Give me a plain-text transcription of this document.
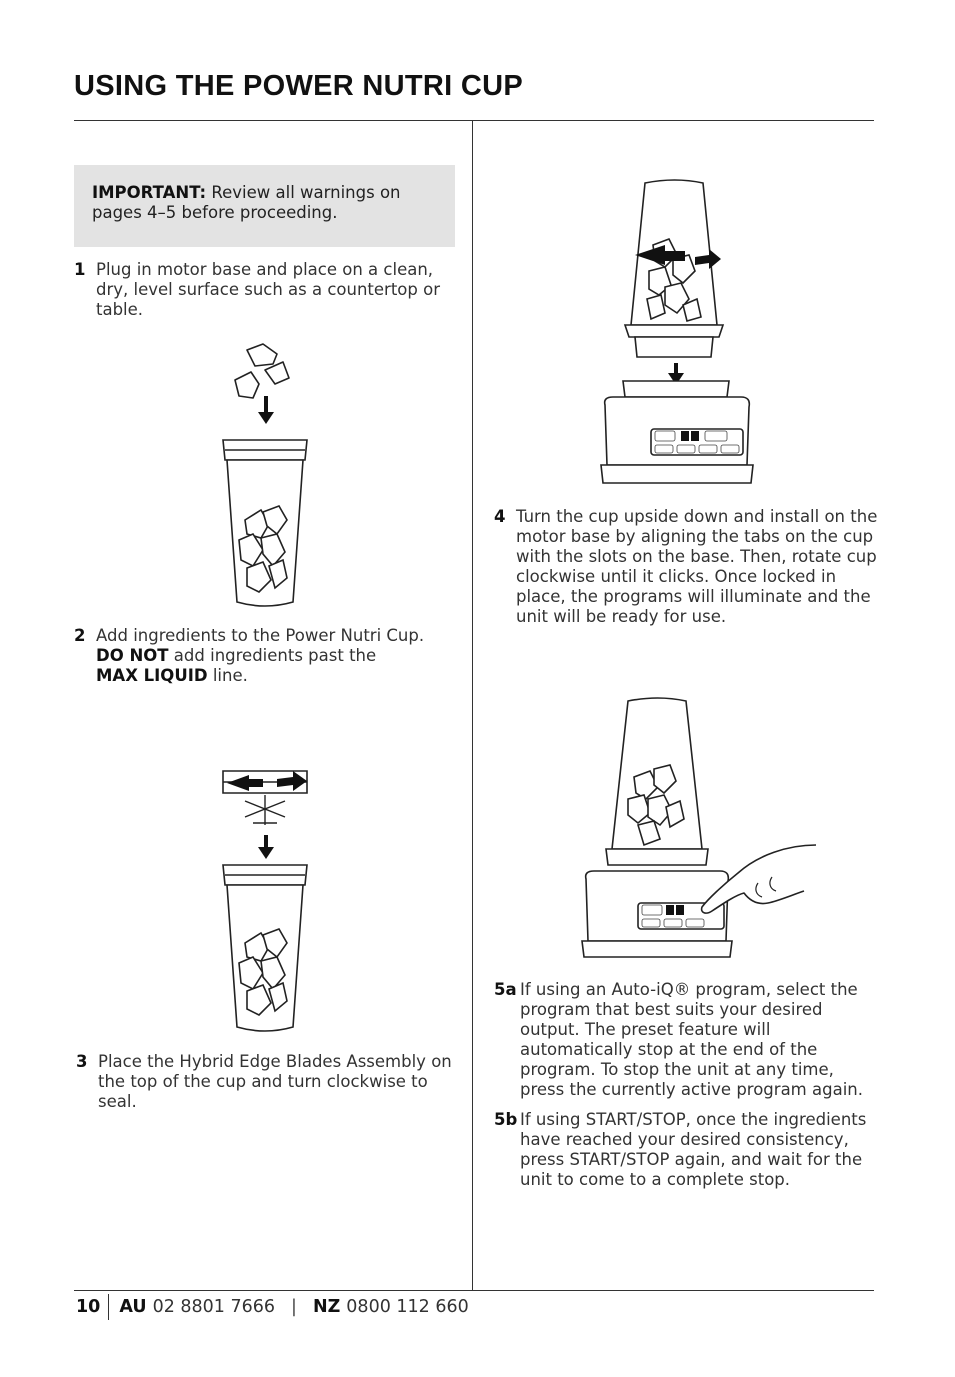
USING THE POWER NUTRI CUP
IMPORTANT: Review all warnings on pages 4–5 before proceeding.
1 Plug in motor base and place on a clean, dry, level surface such as a countertop or table.
2 Add ingredients to the Power Nutri Cup.
DO NOT add ingredients past the
MAX LIQUID line.
3 Place the Hybrid Edge Blades Assembly on the top of the cup and turn clockwise to seal.
4 Turn the cup upside down and install on the motor base by aligning the tabs on the cup with the slots on the base. Then, rotate cup clockwise until it clicks. Once locked in place, the programs will illuminate and the unit will be ready for use.
5a If using an Auto-iQ® program, select the program that best suits your desired output. The preset feature will automatically stop at the end of the program. To stop the unit at any time, press the currently active program again.
5b If using START/STOP, once the ingredients have reached your desired consistency, press START/STOP again, and wait for the unit to come to a complete stop.
10 AU 02 8801 7666 | NZ 0800 112 660
